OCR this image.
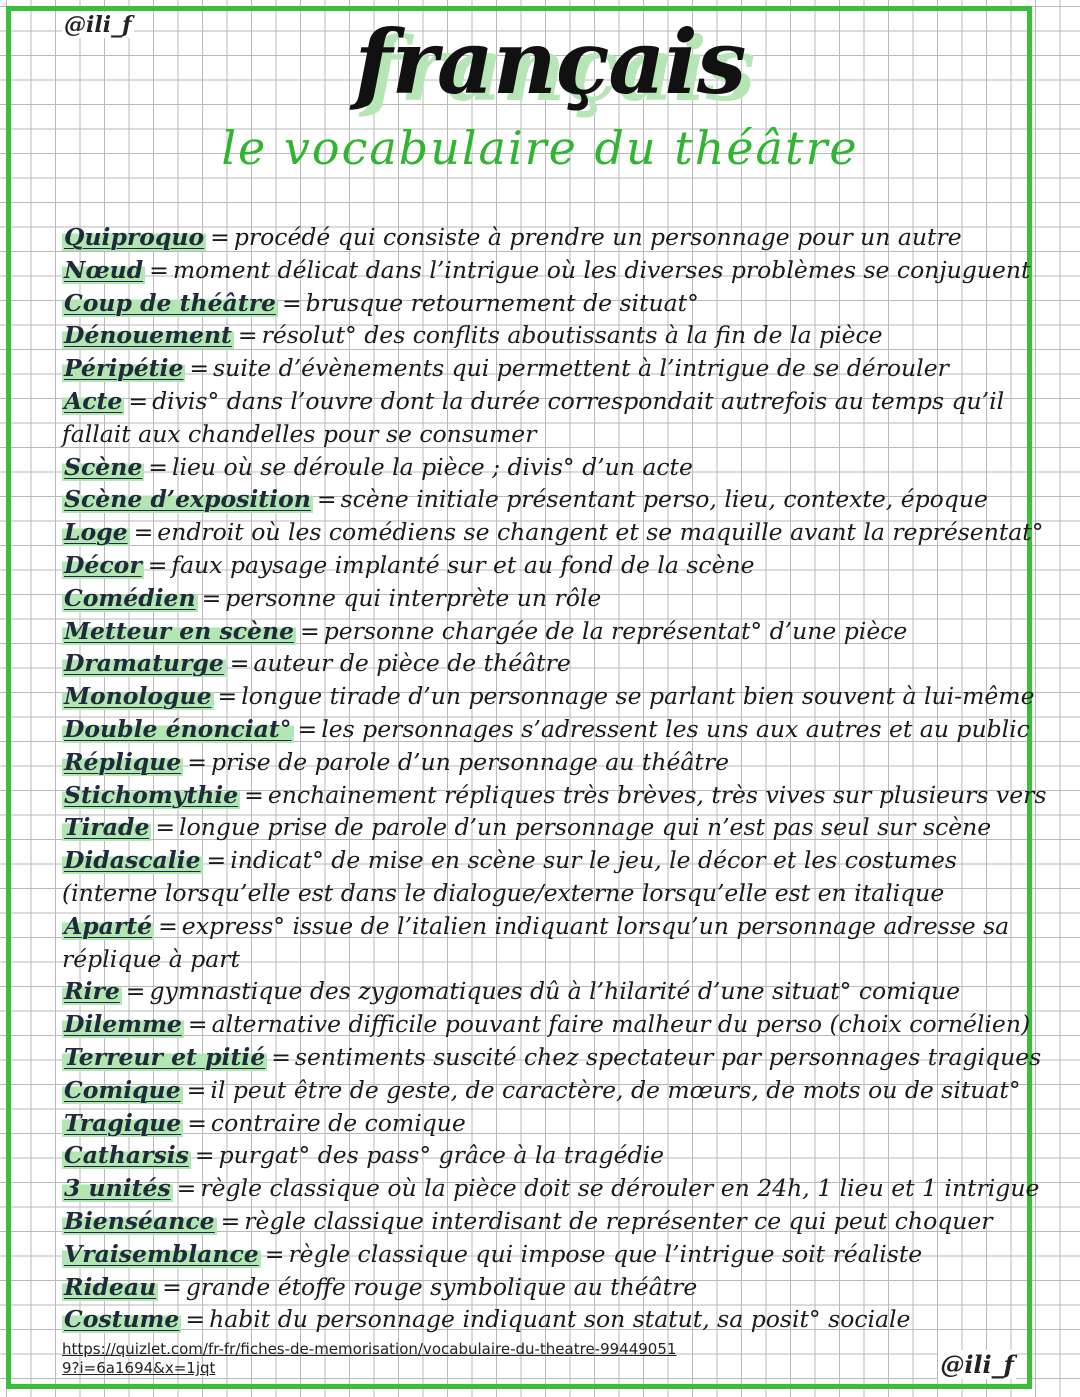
@ili_f	français
le vocabulaire du théâtre

Quiproquo = procédé qui consiste à prendre un personnage pour un autre

Nœud = moment délicat dans l’intrigue où les diverses problèmes se conjuguent

Coup de théâtre = brusque retournement de situat°

Dénouement = résolut° des conflits aboutissants à la fin de la pièce

Péripétie = suite d’évènements qui permettent à l’intrigue de se dérouler

Acte = divis° dans l’ouvre dont la durée correspondait autrefois au temps qu’il fallait aux chandelles pour se consumer

Scène = lieu où se déroule la pièce ; divis° d’un acte

Scène d’exposition = scène initiale présentant perso, lieu, contexte, époque

Loge = endroit où les comédiens se changent et se maquille avant la représentat°

Décor = faux paysage implanté sur et au fond de la scène

Comédien = personne qui interprète un rôle

Metteur en scène = personne chargée de la représentat° d’une pièce

Dramaturge = auteur de pièce de théâtre

Monologue = longue tirade d’un personnage se parlant bien souvent à lui-même

Double énonciat° = les personnages s’adressent les uns aux autres et au public

Réplique = prise de parole d’un personnage au théâtre

Stichomythie = enchainement répliques très brèves, très vives sur plusieurs vers

Tirade = longue prise de parole d’un personnage qui n’est pas seul sur scène

Didascalie = indicat° de mise en scène sur le jeu, le décor et les costumes (interne lorsqu’elle est dans le dialogue/externe lorsqu’elle est en italique

Aparté = express° issue de l’italien indiquant lorsqu’un personnage adresse sa réplique à part

Rire = gymnastique des zygomatiques dû à l’hilarité d’une situat° comique

Dilemme = alternative difficile pouvant faire malheur du perso (choix cornélien)

Terreur et pitié = sentiments suscité chez spectateur par personnages tragiques

Comique = il peut être de geste, de caractère, de mœurs, de mots ou de situat°

Tragique = contraire de comique

Catharsis = purgat° des pass° grâce à la tragédie

3 unités = règle classique où la pièce doit se dérouler en 24h, 1 lieu et 1 intrigue

Bienséance = règle classique interdisant de représenter ce qui peut choquer

Vraisemblance = règle classique qui impose que l’intrigue soit réaliste

Rideau = grande étoffe rouge symbolique au théâtre

Costume = habit du personnage indiquant son statut, sa posit° sociale

https://quizlet.com/fr-fr/fiches-de-memorisation/vocabulaire-du-theatre-994490519?i=6a1694&x=1jqt	@ili_f
